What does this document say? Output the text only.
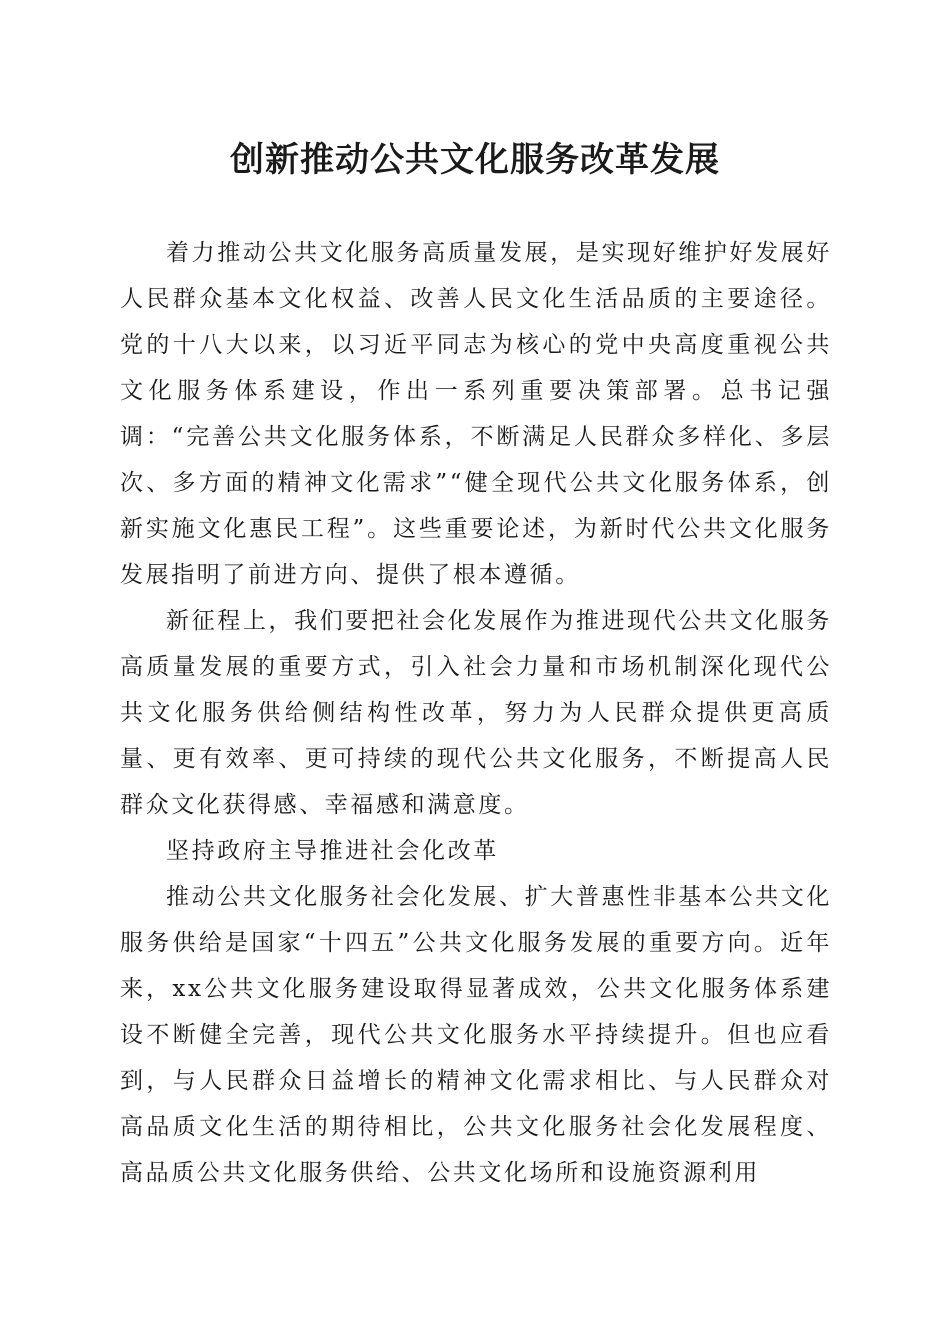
创新推动公共文化服务改革发展

着力推动公共文化服务高质量发展，是实现好维护好发展好人民群众基本文化权益、改善人民文化生活品质的主要途径。党的十八大以来，以习近平同志为核心的党中央高度重视公共文化服务体系建设，作出一系列重要决策部署。总书记强调：“完善公共文化服务体系，不断满足人民群众多样化、多层次、多方面的精神文化需求”“健全现代公共文化服务体系，创新实施文化惠民工程”。这些重要论述，为新时代公共文化服务发展指明了前进方向、提供了根本遵循。

新征程上，我们要把社会化发展作为推进现代公共文化服务高质量发展的重要方式，引入社会力量和市场机制深化现代公共文化服务供给侧结构性改革，努力为人民群众提供更高质量、更有效率、更可持续的现代公共文化服务，不断提高人民群众文化获得感、幸福感和满意度。

坚持政府主导推进社会化改革

推动公共文化服务社会化发展、扩大普惠性非基本公共文化服务供给是国家“十四五”公共文化服务发展的重要方向。近年来，xx公共文化服务建设取得显著成效，公共文化服务体系建设不断健全完善，现代公共文化服务水平持续提升。但也应看到，与人民群众日益增长的精神文化需求相比、与人民群众对高品质文化生活的期待相比，公共文化服务社会化发展程度、高品质公共文化服务供给、公共文化场所和设施资源利用
